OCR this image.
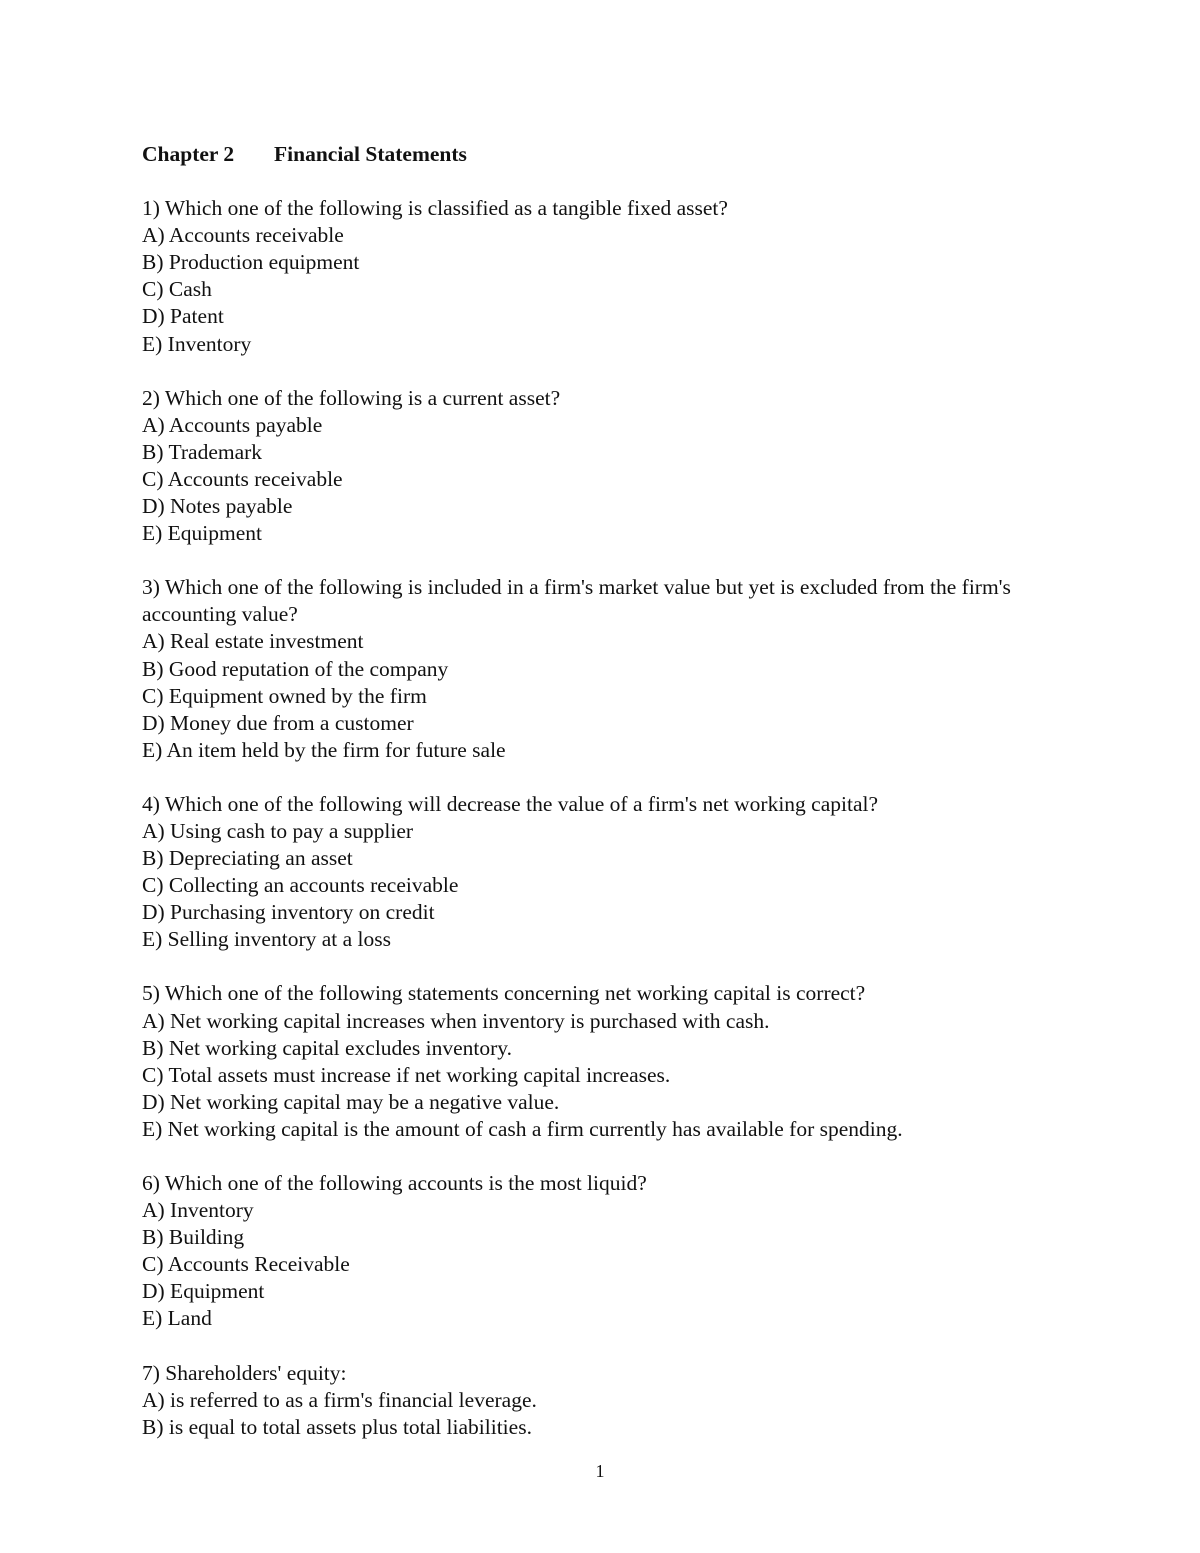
Chapter 2 Financial Statements

1) Which one of the following is classified as a tangible fixed asset?

A) Accounts receivable
B) Production equipment
C) Cash
D) Patent
E) Inventory

2) Which one of the following is a current asset?

A) Accounts payable
B) Trademark
C) Accounts receivable
D) Notes payable
E) Equipment

3) Which one of the following is included in a firm's market value but yet is excluded from the firm's accounting value?

A) Real estate investment
B) Good reputation of the company
C) Equipment owned by the firm
D) Money due from a customer
E) An item held by the firm for future sale

4) Which one of the following will decrease the value of a firm's net working capital?

A) Using cash to pay a supplier
B) Depreciating an asset
C) Collecting an accounts receivable
D) Purchasing inventory on credit
E) Selling inventory at a loss

5) Which one of the following statements concerning net working capital is correct?

A) Net working capital increases when inventory is purchased with cash.
B) Net working capital excludes inventory.
C) Total assets must increase if net working capital increases.
D) Net working capital may be a negative value.
E) Net working capital is the amount of cash a firm currently has available for spending.

6) Which one of the following accounts is the most liquid?

A) Inventory
B) Building
C) Accounts Receivable
D) Equipment
E) Land

7) Shareholders' equity:

A) is referred to as a firm's financial leverage.
B) is equal to total assets plus total liabilities.
1
